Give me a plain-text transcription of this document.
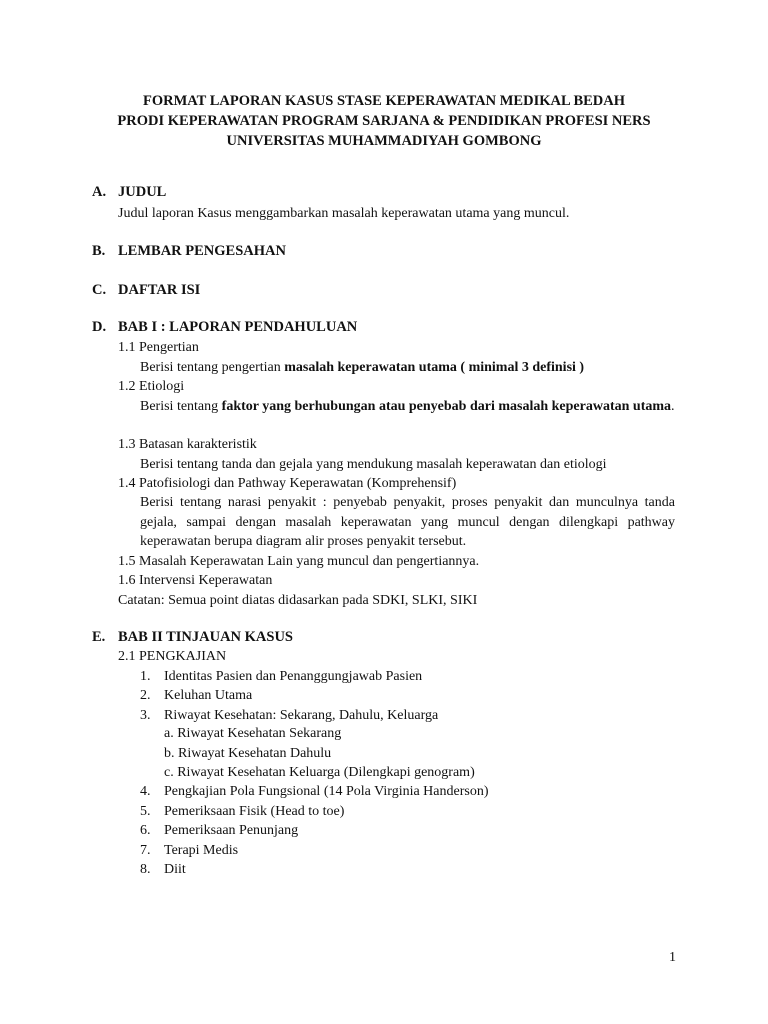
FORMAT LAPORAN KASUS STASE KEPERAWATAN MEDIKAL BEDAH
PRODI KEPERAWATAN PROGRAM SARJANA & PENDIDIKAN PROFESI NERS
UNIVERSITAS MUHAMMADIYAH GOMBONG
A. JUDUL
Judul laporan Kasus menggambarkan masalah keperawatan utama yang muncul.
B. LEMBAR PENGESAHAN
C. DAFTAR ISI
D. BAB I : LAPORAN PENDAHULUAN
1.1 Pengertian
Berisi tentang pengertian masalah keperawatan utama ( minimal 3 definisi )
1.2 Etiologi
Berisi tentang faktor yang berhubungan atau penyebab dari masalah keperawatan utama.
1.3 Batasan karakteristik
Berisi tentang tanda dan gejala yang mendukung masalah keperawatan dan etiologi
1.4 Patofisiologi dan Pathway Keperawatan (Komprehensif)
Berisi tentang narasi penyakit : penyebab penyakit, proses penyakit dan munculnya tanda gejala, sampai dengan masalah keperawatan yang muncul dengan dilengkapi pathway keperawatan berupa diagram alir proses penyakit tersebut.
1.5 Masalah Keperawatan Lain yang muncul dan pengertiannya.
1.6 Intervensi Keperawatan
Catatan: Semua point diatas didasarkan pada SDKI, SLKI, SIKI
E. BAB II TINJAUAN KASUS
2.1 PENGKAJIAN
1. Identitas Pasien dan Penanggungjawab Pasien
2. Keluhan Utama
3. Riwayat Kesehatan: Sekarang, Dahulu, Keluarga
a. Riwayat Kesehatan Sekarang
b. Riwayat Kesehatan Dahulu
c. Riwayat Kesehatan Keluarga (Dilengkapi genogram)
4. Pengkajian Pola Fungsional (14 Pola Virginia Handerson)
5. Pemeriksaan Fisik (Head to toe)
6. Pemeriksaan Penunjang
7. Terapi Medis
8. Diit
1
